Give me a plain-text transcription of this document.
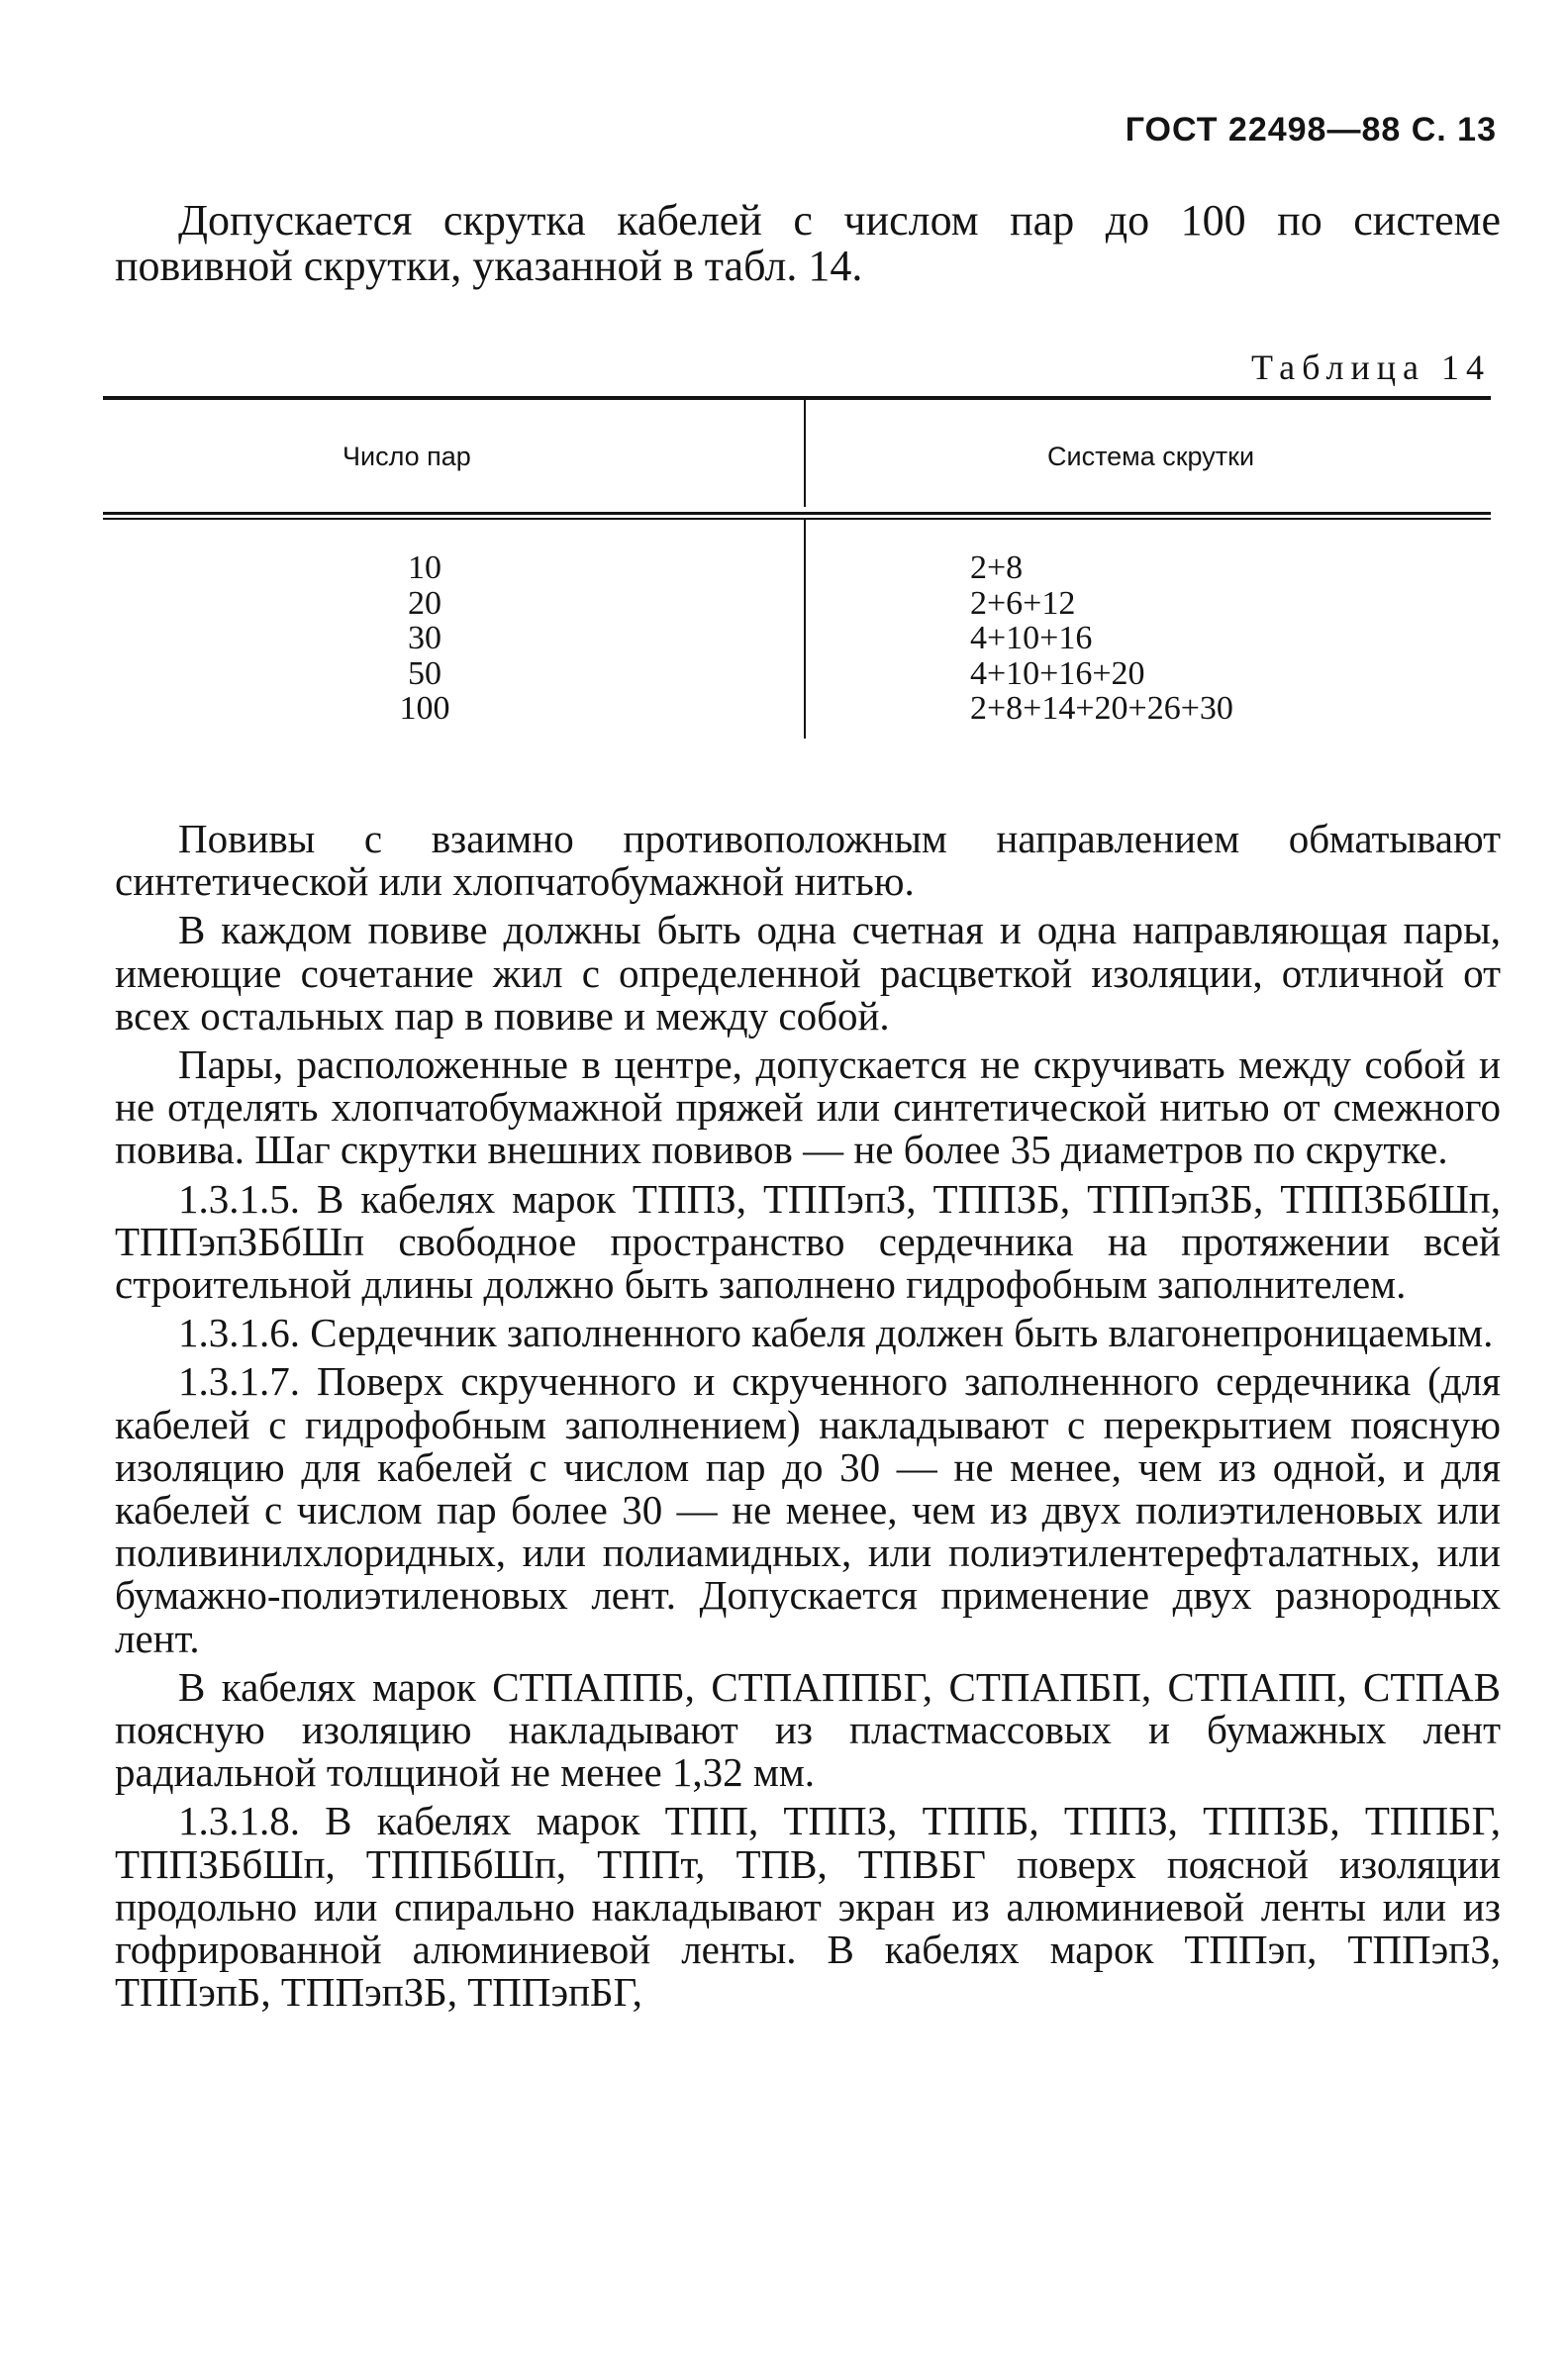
ГОСТ 22498—88 С. 13

Допускается скрутка кабелей с числом пар до 100 по системе повивной скрутки, указанной в табл. 14.

Таблица 14
Число пар	Система скрутки
10
20
30
50
100
2+8
2+6+12
4+10+16
4+10+16+20
2+8+14+20+26+30

Повивы с взаимно противоположным направлением обматывают синтетической или хлопчатобумажной нитью.

В каждом повиве должны быть одна счетная и одна направляющая пары, имеющие сочетание жил с определенной расцветкой изоляции, отличной от всех остальных пар в повиве и между собой.

Пары, расположенные в центре, допускается не скручивать между собой и не отделять хлопчатобумажной пряжей или синтетической нитью от смежного повива. Шаг скрутки внешних повивов — не более 35 диаметров по скрутке.

1.3.1.5. В кабелях марок ТППЗ, ТППэпЗ, ТППЗБ, ТППэпЗБ, ТППЗБбШп, ТППэпЗБбШп свободное пространство сердечника на протяжении всей строительной длины должно быть заполнено гидрофобным заполнителем.

1.3.1.6. Сердечник заполненного кабеля должен быть влагонепроницаемым.

1.3.1.7. Поверх скрученного и скрученного заполненного сердечника (для кабелей с гидрофобным заполнением) накладывают с перекрытием поясную изоляцию для кабелей с числом пар до 30 — не менее, чем из одной, и для кабелей с числом пар более 30 — не менее, чем из двух полиэтиленовых или поливинилхлоридных, или полиамидных, или полиэтилентерефталатных, или бумажно-полиэтиленовых лент. Допускается применение двух разнородных лент.

В кабелях марок СТПАППБ, СТПАППБГ, СТПАПБП, СТПАПП, СТПАВ поясную изоляцию накладывают из пластмассовых и бумажных лент радиальной толщиной не менее 1,32 мм.

1.3.1.8. В кабелях марок ТПП, ТППЗ, ТППБ, ТППЗ, ТППЗБ, ТППБГ, ТППЗБбШп, ТППБбШп, ТППт, ТПВ, ТПВБГ поверх поясной изоляции продольно или спирально накладывают экран из алюминиевой ленты или из гофрированной алюминиевой ленты. В кабелях марок ТППэп, ТППэпЗ, ТППэпБ, ТППэпЗБ, ТППэпБГ,
